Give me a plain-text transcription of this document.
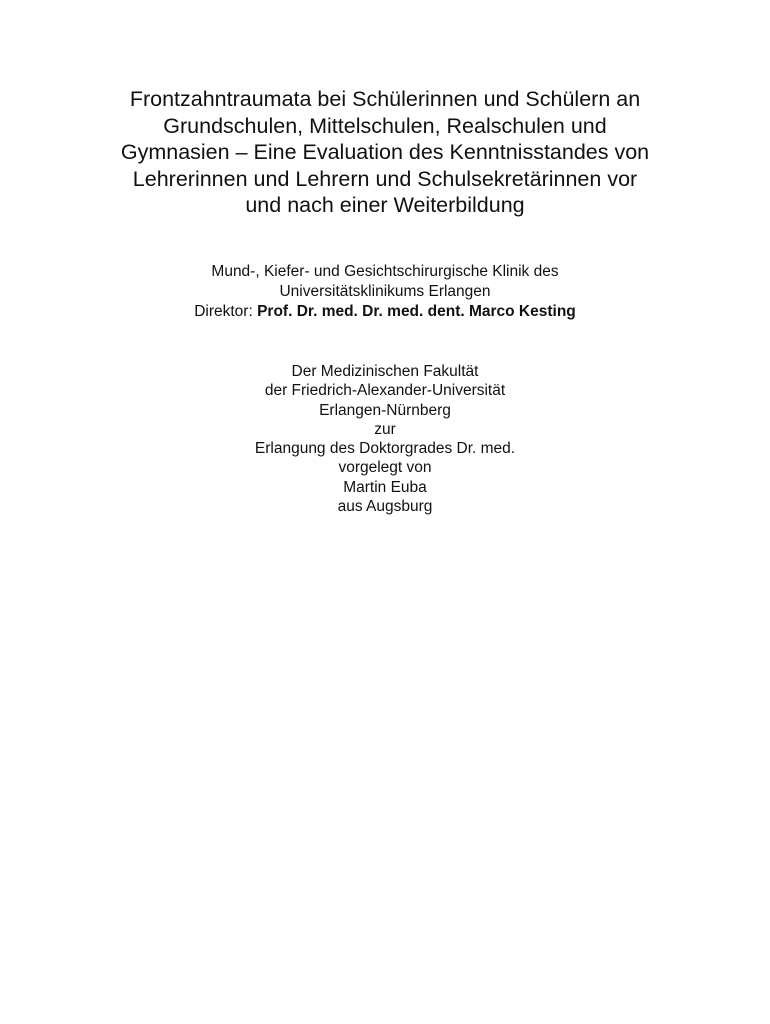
Frontzahntraumata bei Schülerinnen und Schülern an
Grundschulen, Mittelschulen, Realschulen und
Gymnasien – Eine Evaluation des Kenntnisstandes von
Lehrerinnen und Lehrern und Schulsekretärinnen vor
und nach einer Weiterbildung
Mund-, Kiefer- und Gesichtschirurgische Klinik des
Universitätsklinikums Erlangen
Direktor: Prof. Dr. med. Dr. med. dent. Marco Kesting
Der Medizinischen Fakultät
der Friedrich-Alexander-Universität
Erlangen-Nürnberg
zur
Erlangung des Doktorgrades Dr. med.
vorgelegt von
Martin Euba
aus Augsburg
